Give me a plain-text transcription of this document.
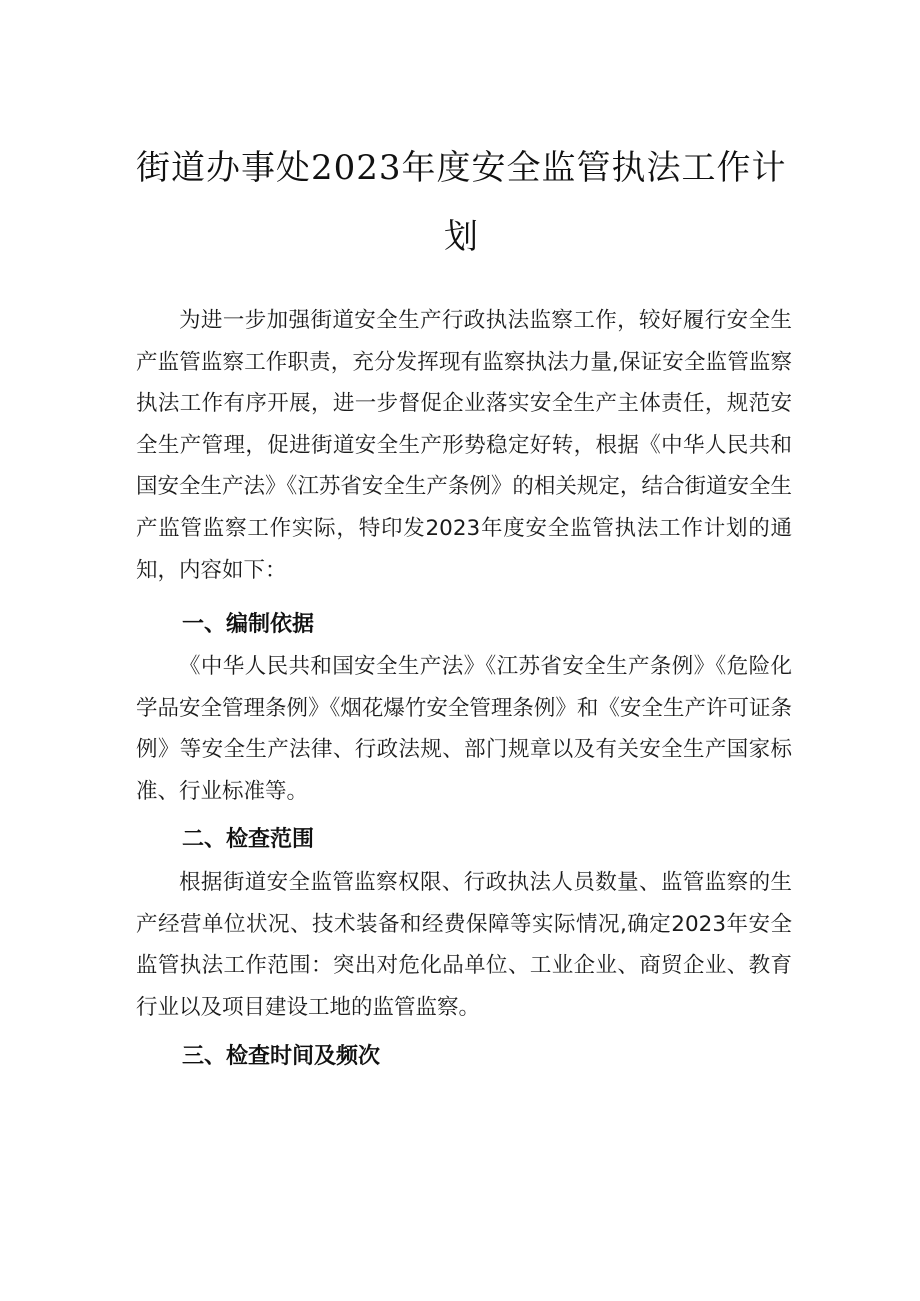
街道办事处2023年度安全监管执法工作计
划
为进一步加强街道安全生产行政执法监察工作，较好履行安全生产监管监察工作职责，充分发挥现有监察执法力量,保证安全监管监察执法工作有序开展，进一步督促企业落实安全生产主体责任，规范安全生产管理，促进街道安全生产形势稳定好转，根据《中华人民共和国安全生产法》《江苏省安全生产条例》的相关规定，结合街道安全生产监管监察工作实际，特印发2023年度安全监管执法工作计划的通知，内容如下：
一、编制依据
《中华人民共和国安全生产法》《江苏省安全生产条例》《危险化学品安全管理条例》《烟花爆竹安全管理条例》和《安全生产许可证条例》等安全生产法律、行政法规、部门规章以及有关安全生产国家标准、行业标准等。
二、检查范围
根据街道安全监管监察权限、行政执法人员数量、监管监察的生产经营单位状况、技术装备和经费保障等实际情况,确定2023年安全监管执法工作范围：突出对危化品单位、工业企业、商贸企业、教育行业以及项目建设工地的监管监察。
三、检查时间及频次
